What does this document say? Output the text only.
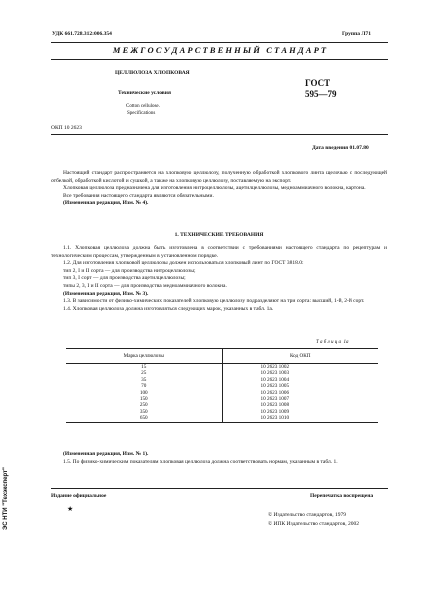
УДК 661.728.312:006.354	Группа Л71
М Е Ж Г О С У Д А Р С Т В Е Н Н Ы Й   С Т А Н Д А Р Т
ЦЕЛЛЮЛОЗА ХЛОПКОВАЯ
Технические условия
Cotton cellulose.
Specifications
ГОСТ
595—79
ОКП 10 2623
Дата введения 01.07.80

Настоящий стандарт распространяется на хлопковую целлюлозу, полученную обработкой хлопкового линта щелочью с последующей отбелкой, обработкой кислотой и сушкой, а также на хлопковую целлюлозу, поставляемую на экспорт.

Хлопковая целлюлоза предназначена для изготовления нитроцеллюлозы, ацетилцеллюлозы, медноаммиачного волокна, картона.

Все требования настоящего стандарта являются обязательными.

(Измененная редакция, Изм. № 4).

1. ТЕХНИЧЕСКИЕ ТРЕБОВАНИЯ

1.1. Хлопковая целлюлоза должна быть изготовлена в соответствии с требованиями настоящего стандарта по рецептурам и технологическим процессам, утвержденным в установленном порядке.

1.2. Для изготовления хлопковой целлюлозы должен использоваться хлопковый линт по ГОСТ 3818.0:

тип 2, I и II сорта — для производства нитроцеллюлозы;

тип 3, I сорт — для производства ацетилцеллюлозы;

типы 2, 3, I и II сорта — для производства медноаммиачного волокна.

(Измененная редакция, Изм. № 3).

1.3. В зависимости от физико-химических показателей хлопковую целлюлозу подразделяют на три сорта: высший, 1-й, 2-й сорт.

1.4. Хлопковая целлюлоза должна изготовляться следующих марок, указанных в табл. 1а.

Т а б л и ц а  1а
Марка целлюлозы	Код ОКП
15	10 2623 1002
25	10 2623 1003
35	10 2623 1004
70	10 2623 1005
100	10 2623 1006
150	10 2623 1007
250	10 2623 1008
350	10 2623 1009
650	10 2623 1010

(Измененная редакция, Изм. № 1).

1.5. По физико-химическим показателям хлопковая целлюлоза должна соответствовать нормам, указанным в табл. 1.

Издание официальное	Перепечатка воспрещена
★
© Издательство стандартов, 1979
© ИПК Издательство стандартов, 2002
ЭС НТИ "Техэксперт"
